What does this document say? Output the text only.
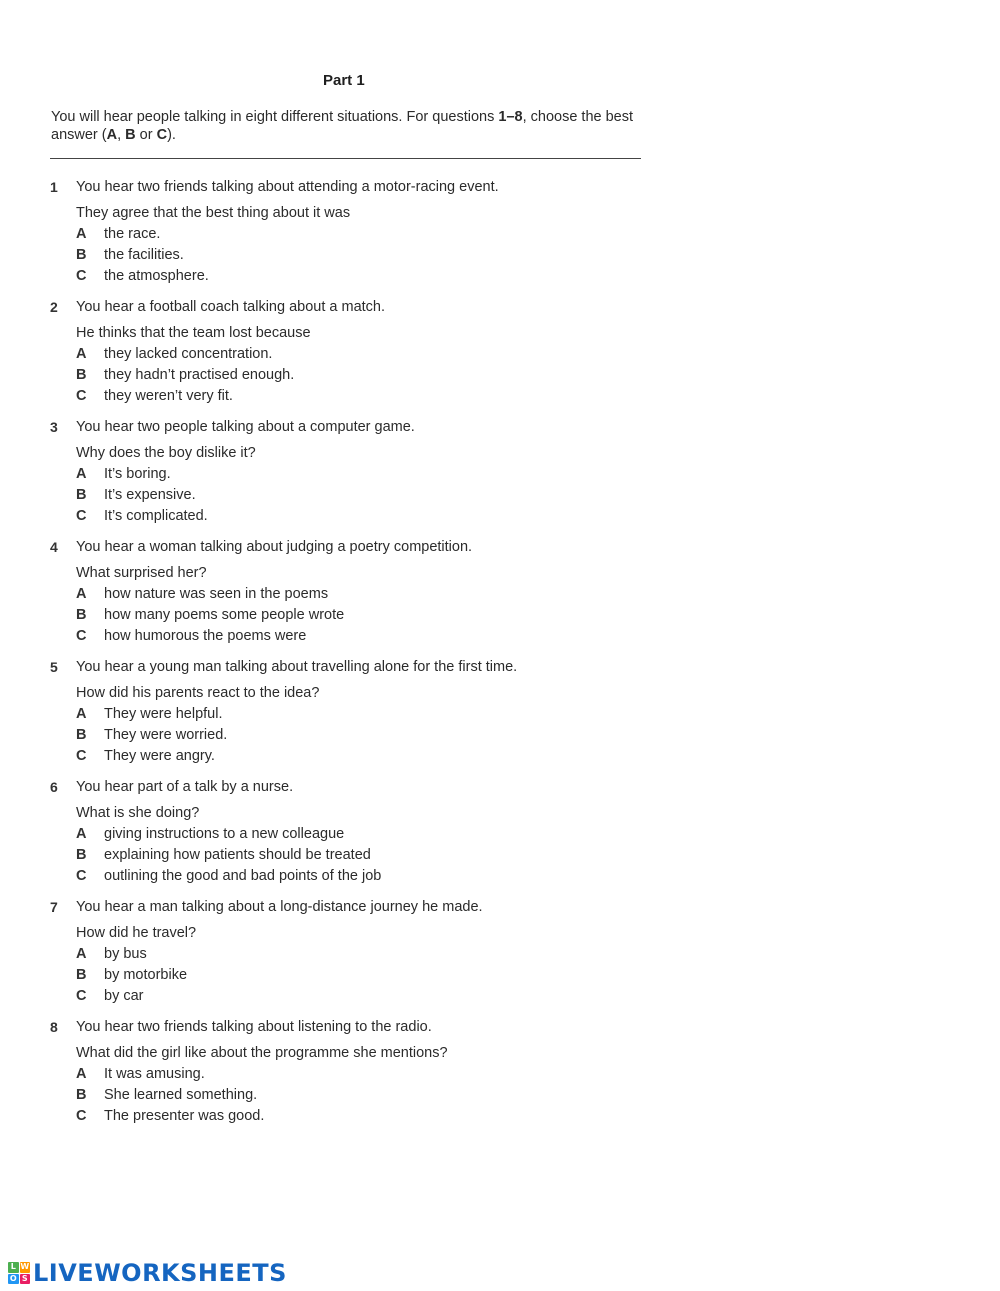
Part 1
You will hear people talking in eight different situations. For questions 1–8, choose the best answer (A, B or C).
1 You hear two friends talking about attending a motor-racing event.
They agree that the best thing about it was
A the race.
B the facilities.
C the atmosphere.
2 You hear a football coach talking about a match.
He thinks that the team lost because
A they lacked concentration.
B they hadn’t practised enough.
C they weren’t very fit.
3 You hear two people talking about a computer game.
Why does the boy dislike it?
A It’s boring.
B It’s expensive.
C It’s complicated.
4 You hear a woman talking about judging a poetry competition.
What surprised her?
A how nature was seen in the poems
B how many poems some people wrote
C how humorous the poems were
5 You hear a young man talking about travelling alone for the first time.
How did his parents react to the idea?
A They were helpful.
B They were worried.
C They were angry.
6 You hear part of a talk by a nurse.
What is she doing?
A giving instructions to a new colleague
B explaining how patients should be treated
C outlining the good and bad points of the job
7 You hear a man talking about a long-distance journey he made.
How did he travel?
A by bus
B by motorbike
C by car
8 You hear two friends talking about listening to the radio.
What did the girl like about the programme she mentions?
A It was amusing.
B She learned something.
C The presenter was good.
L W
O S LIVEWORKSHEETS
